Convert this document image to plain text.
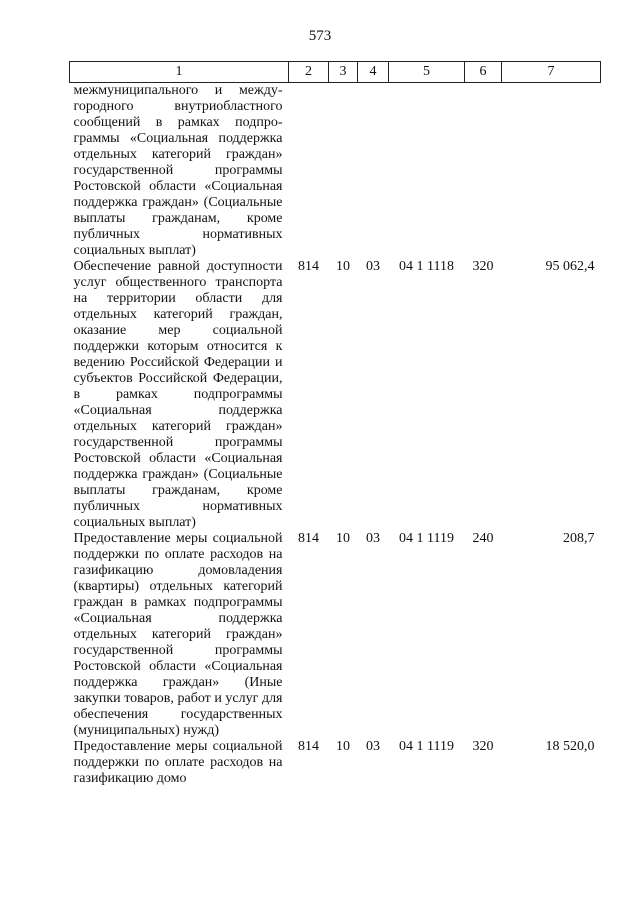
573
1	2	3	4	5	6	7
межмуниципального и междугородного внутриобластного сообщений в рамках подпрограммы «Социальная поддержка отдельных категорий граждан» государственной программы Ростовской области «Социальная поддержка граждан» (Социальные выплаты гражданам, кроме публичных нормативных социальных выплат)						
Обеспечение равной доступности услуг общественного транспорта на территории области для отдельных категорий граждан, оказание мер социальной поддержки которым относится к ведению Российской Федерации и субъектов Российской Федерации, в рамках подпрограммы «Социальная поддержка отдельных категорий граждан» государственной программы Ростовской области «Социальная поддержка граждан» (Социальные выплаты гражданам, кроме публичных нормативных социальных выплат)	814	10	03	04 1 1118	320	95 062,4
Предоставление меры социальной поддержки по оплате расходов на газификацию домовладения (квартиры) отдельных категорий граждан в рамках подпрограммы «Социальная поддержка отдельных категорий граждан» государственной программы Ростовской области «Социальная поддержка граждан» (Иные закупки товаров, работ и услуг для обеспечения государственных (муниципальных) нужд)	814	10	03	04 1 1119	240	208,7
Предоставление меры социальной поддержки по оплате расходов на газификацию домо	814	10	03	04 1 1119	320	18 520,0
